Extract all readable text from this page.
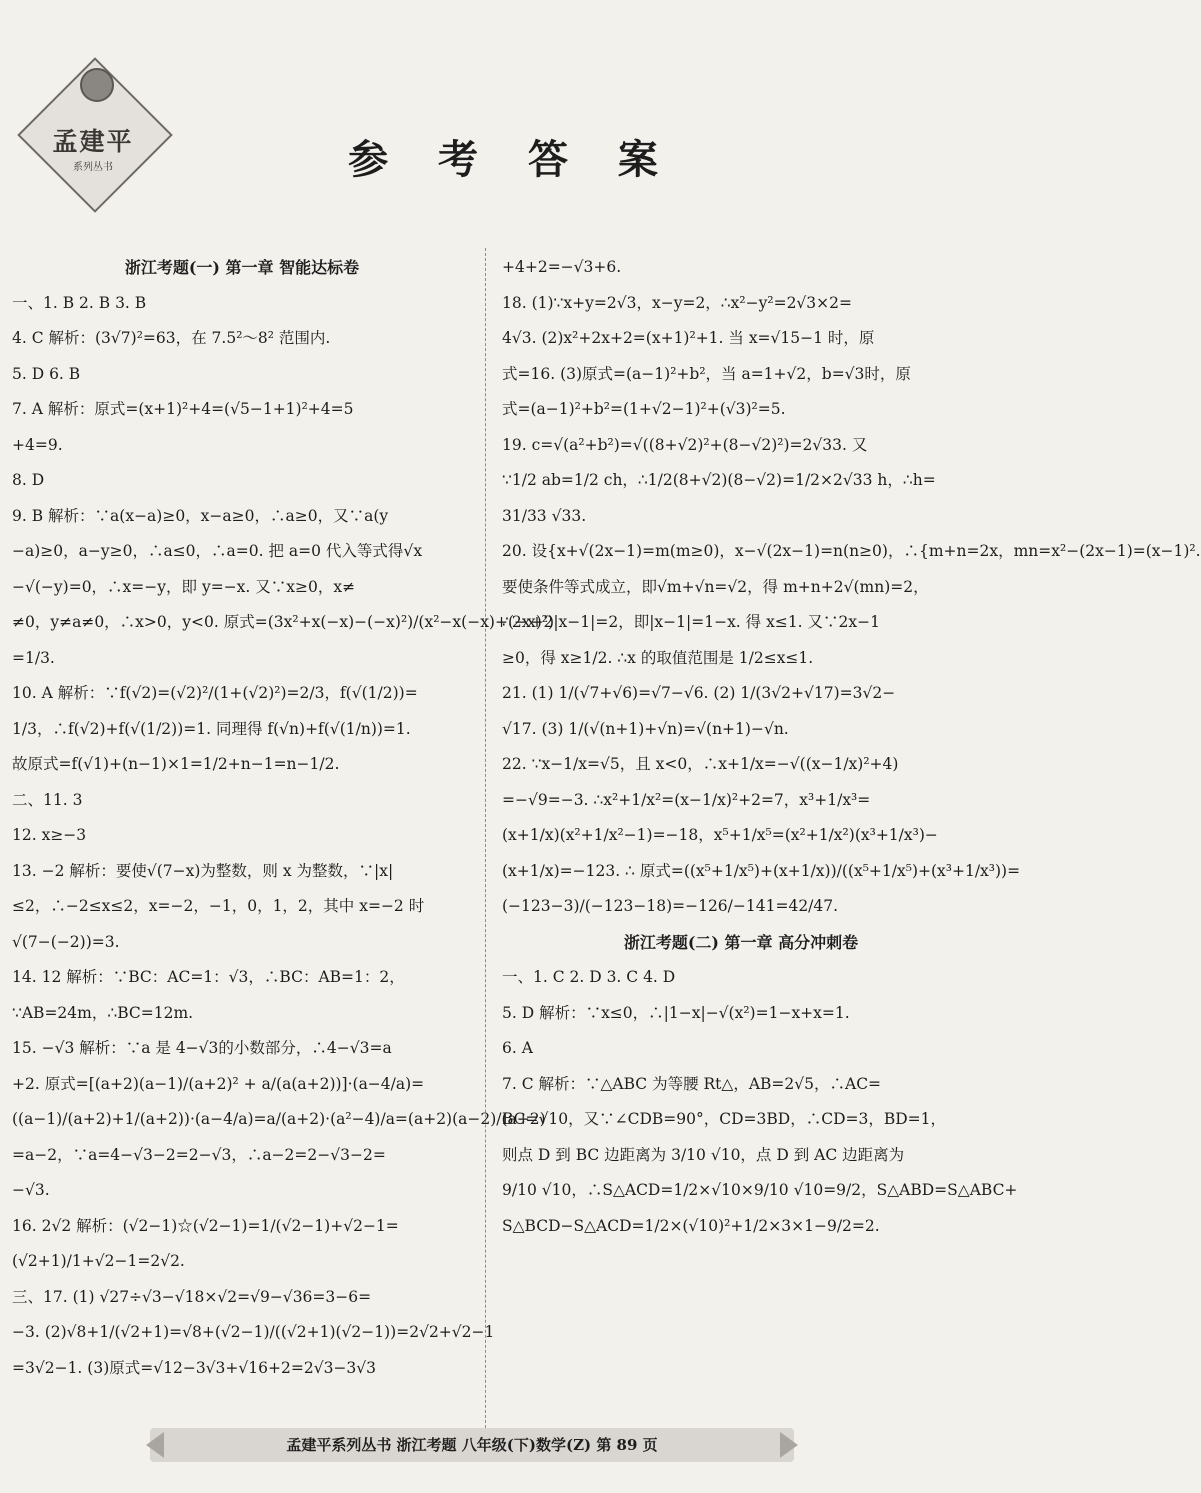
孟建平
系列丛书	参 考 答 案

浙江考题(一) 第一章 智能达标卷

一、1. B 2. B 3. B

4. C 解析：(3√7)²=63，在 7.5²～8² 范围内.

5. D 6. B

7. A 解析：原式=(x+1)²+4=(√5−1+1)²+4=5

+4=9.

8. D

9. B 解析：∵a(x−a)≥0，x−a≥0，∴a≥0，又∵a(y

−a)≥0，a−y≥0，∴a≤0，∴a=0. 把 a=0 代入等式得√x

−√(−y)=0，∴x=−y，即 y=−x. 又∵x≥0，x≠

≠0，y≠a≠0，∴x>0，y<0. 原式=(3x²+x(−x)−(−x)²)/(x²−x(−x)+(−x)²)

=1/3.

10. A 解析：∵f(√2)=(√2)²/(1+(√2)²)=2/3，f(√(1/2))=

1/3，∴f(√2)+f(√(1/2))=1. 同理得 f(√n)+f(√(1/n))=1.

故原式=f(√1)+(n−1)×1=1/2+n−1=n−1/2.

二、11. 3

12. x≥−3

13. −2 解析：要使√(7−x)为整数，则 x 为整数，∵|x|

≤2，∴−2≤x≤2，x=−2，−1，0，1，2，其中 x=−2 时

√(7−(−2))=3.

14. 12 解析：∵BC：AC=1：√3，∴BC：AB=1：2，

∵AB=24m，∴BC=12m.

15. −√3 解析：∵a 是 4−√3的小数部分，∴4−√3=a

+2. 原式=[(a+2)(a−1)/(a+2)² + a/(a(a+2))]·(a−4/a)=

((a−1)/(a+2)+1/(a+2))·(a−4/a)=a/(a+2)·(a²−4)/a=(a+2)(a−2)/(a+2)

=a−2，∵a=4−√3−2=2−√3，∴a−2=2−√3−2=

−√3.

16. 2√2 解析：(√2−1)☆(√2−1)=1/(√2−1)+√2−1=

(√2+1)/1+√2−1=2√2.

三、17. (1) √27÷√3−√18×√2=√9−√36=3−6=

−3. (2)√8+1/(√2+1)=√8+(√2−1)/((√2+1)(√2−1))=2√2+√2−1

=3√2−1. (3)原式=√12−3√3+√16+2=2√3−3√3

+4+2=−√3+6.

18. (1)∵x+y=2√3，x−y=2，∴x²−y²=2√3×2=

4√3. (2)x²+2x+2=(x+1)²+1. 当 x=√15−1 时，原

式=16. (3)原式=(a−1)²+b²，当 a=1+√2，b=√3时，原

式=(a−1)²+b²=(1+√2−1)²+(√3)²=5.

19. c=√(a²+b²)=√((8+√2)²+(8−√2)²)=2√33. 又

∵1/2 ab=1/2 ch，∴1/2(8+√2)(8−√2)=1/2×2√33 h，∴h=

31/33 √33.

20. 设{x+√(2x−1)=m(m≥0)，x−√(2x−1)=n(n≥0)，∴{m+n=2x，mn=x²−(2x−1)=(x−1)².

要使条件等式成立，即√m+√n=√2，得 m+n+2√(mn)=2，

∴2x+2|x−1|=2，即|x−1|=1−x. 得 x≤1. 又∵2x−1

≥0，得 x≥1/2. ∴x 的取值范围是 1/2≤x≤1.

21. (1) 1/(√7+√6)=√7−√6. (2) 1/(3√2+√17)=3√2−

√17. (3) 1/(√(n+1)+√n)=√(n+1)−√n.

22. ∵x−1/x=√5，且 x<0，∴x+1/x=−√((x−1/x)²+4)

=−√9=−3. ∴x²+1/x²=(x−1/x)²+2=7，x³+1/x³=

(x+1/x)(x²+1/x²−1)=−18，x⁵+1/x⁵=(x²+1/x²)(x³+1/x³)−

(x+1/x)=−123. ∴ 原式=((x⁵+1/x⁵)+(x+1/x))/((x⁵+1/x⁵)+(x³+1/x³))=

(−123−3)/(−123−18)=−126/−141=42/47.

浙江考题(二) 第一章 高分冲刺卷

一、1. C 2. D 3. C 4. D

5. D 解析：∵x≤0，∴|1−x|−√(x²)=1−x+x=1.

6. A

7. C 解析：∵△ABC 为等腰 Rt△，AB=2√5，∴AC=

BC=√10，又∵∠CDB=90°，CD=3BD，∴CD=3，BD=1，

则点 D 到 BC 边距离为 3/10 √10，点 D 到 AC 边距离为

9/10 √10，∴S△ACD=1/2×√10×9/10 √10=9/2，S△ABD=S△ABC+

S△BCD−S△ACD=1/2×(√10)²+1/2×3×1−9/2=2.

孟建平系列丛书 浙江考题 八年级(下)数学(Z) 第 89 页
